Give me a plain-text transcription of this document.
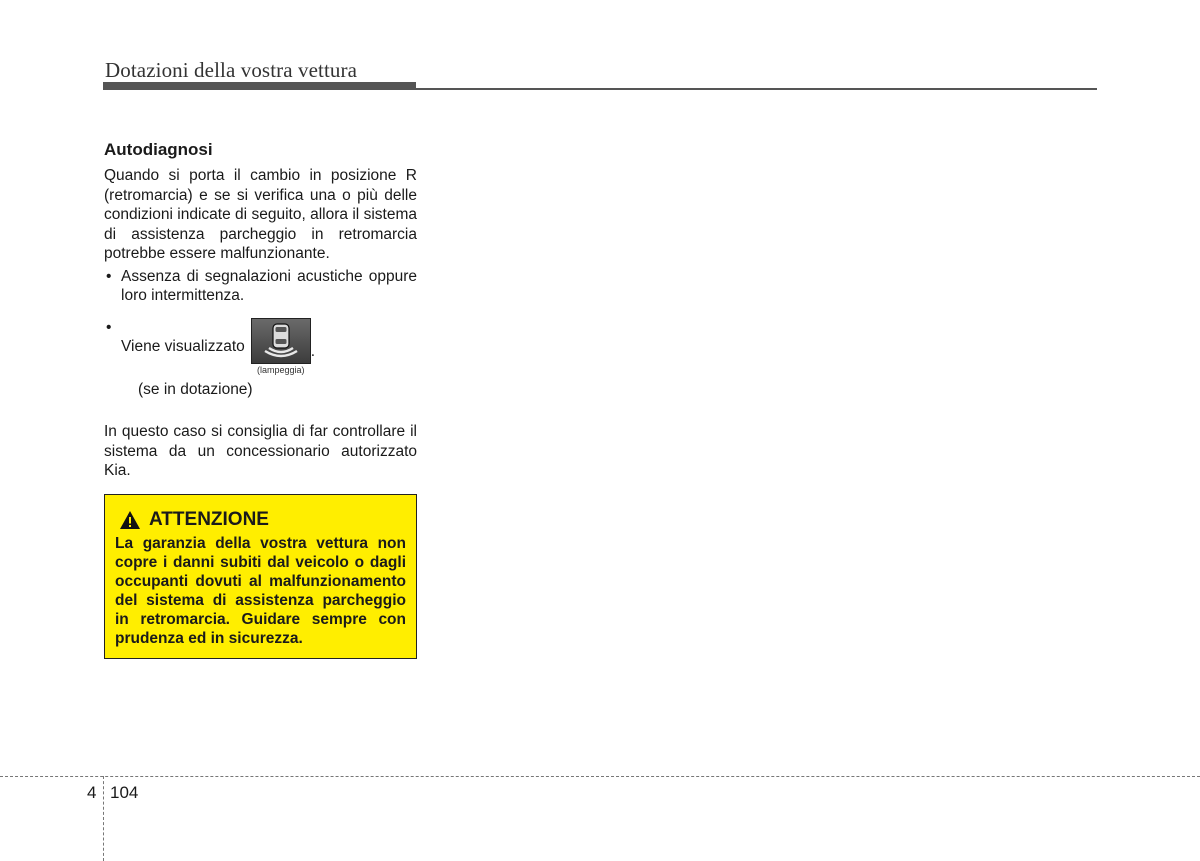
Dotazioni della vostra vettura
Autodiagnosi

Quando si porta il cambio in posizione R (retromarcia) e se si verifica una o più delle condizioni indicate di seguito, allora il sistema di assistenza parcheggio in retromarcia potrebbe essere malfunzionante.

• Assenza di segnalazioni acustiche oppure loro intermittenza.
•
Viene visualizzato
(lampeggia)
.
(se in dotazione)

In questo caso si consiglia di far controllare il sistema da un concessionario autorizzato Kia.

ATTENZIONE

La garanzia della vostra vettura non copre i danni subiti dal veicolo o dagli occupanti dovuti al malfunzionamento del sistema di assistenza parcheggio in retromarcia. Guidare sempre con prudenza ed in sicurezza.

4 104
